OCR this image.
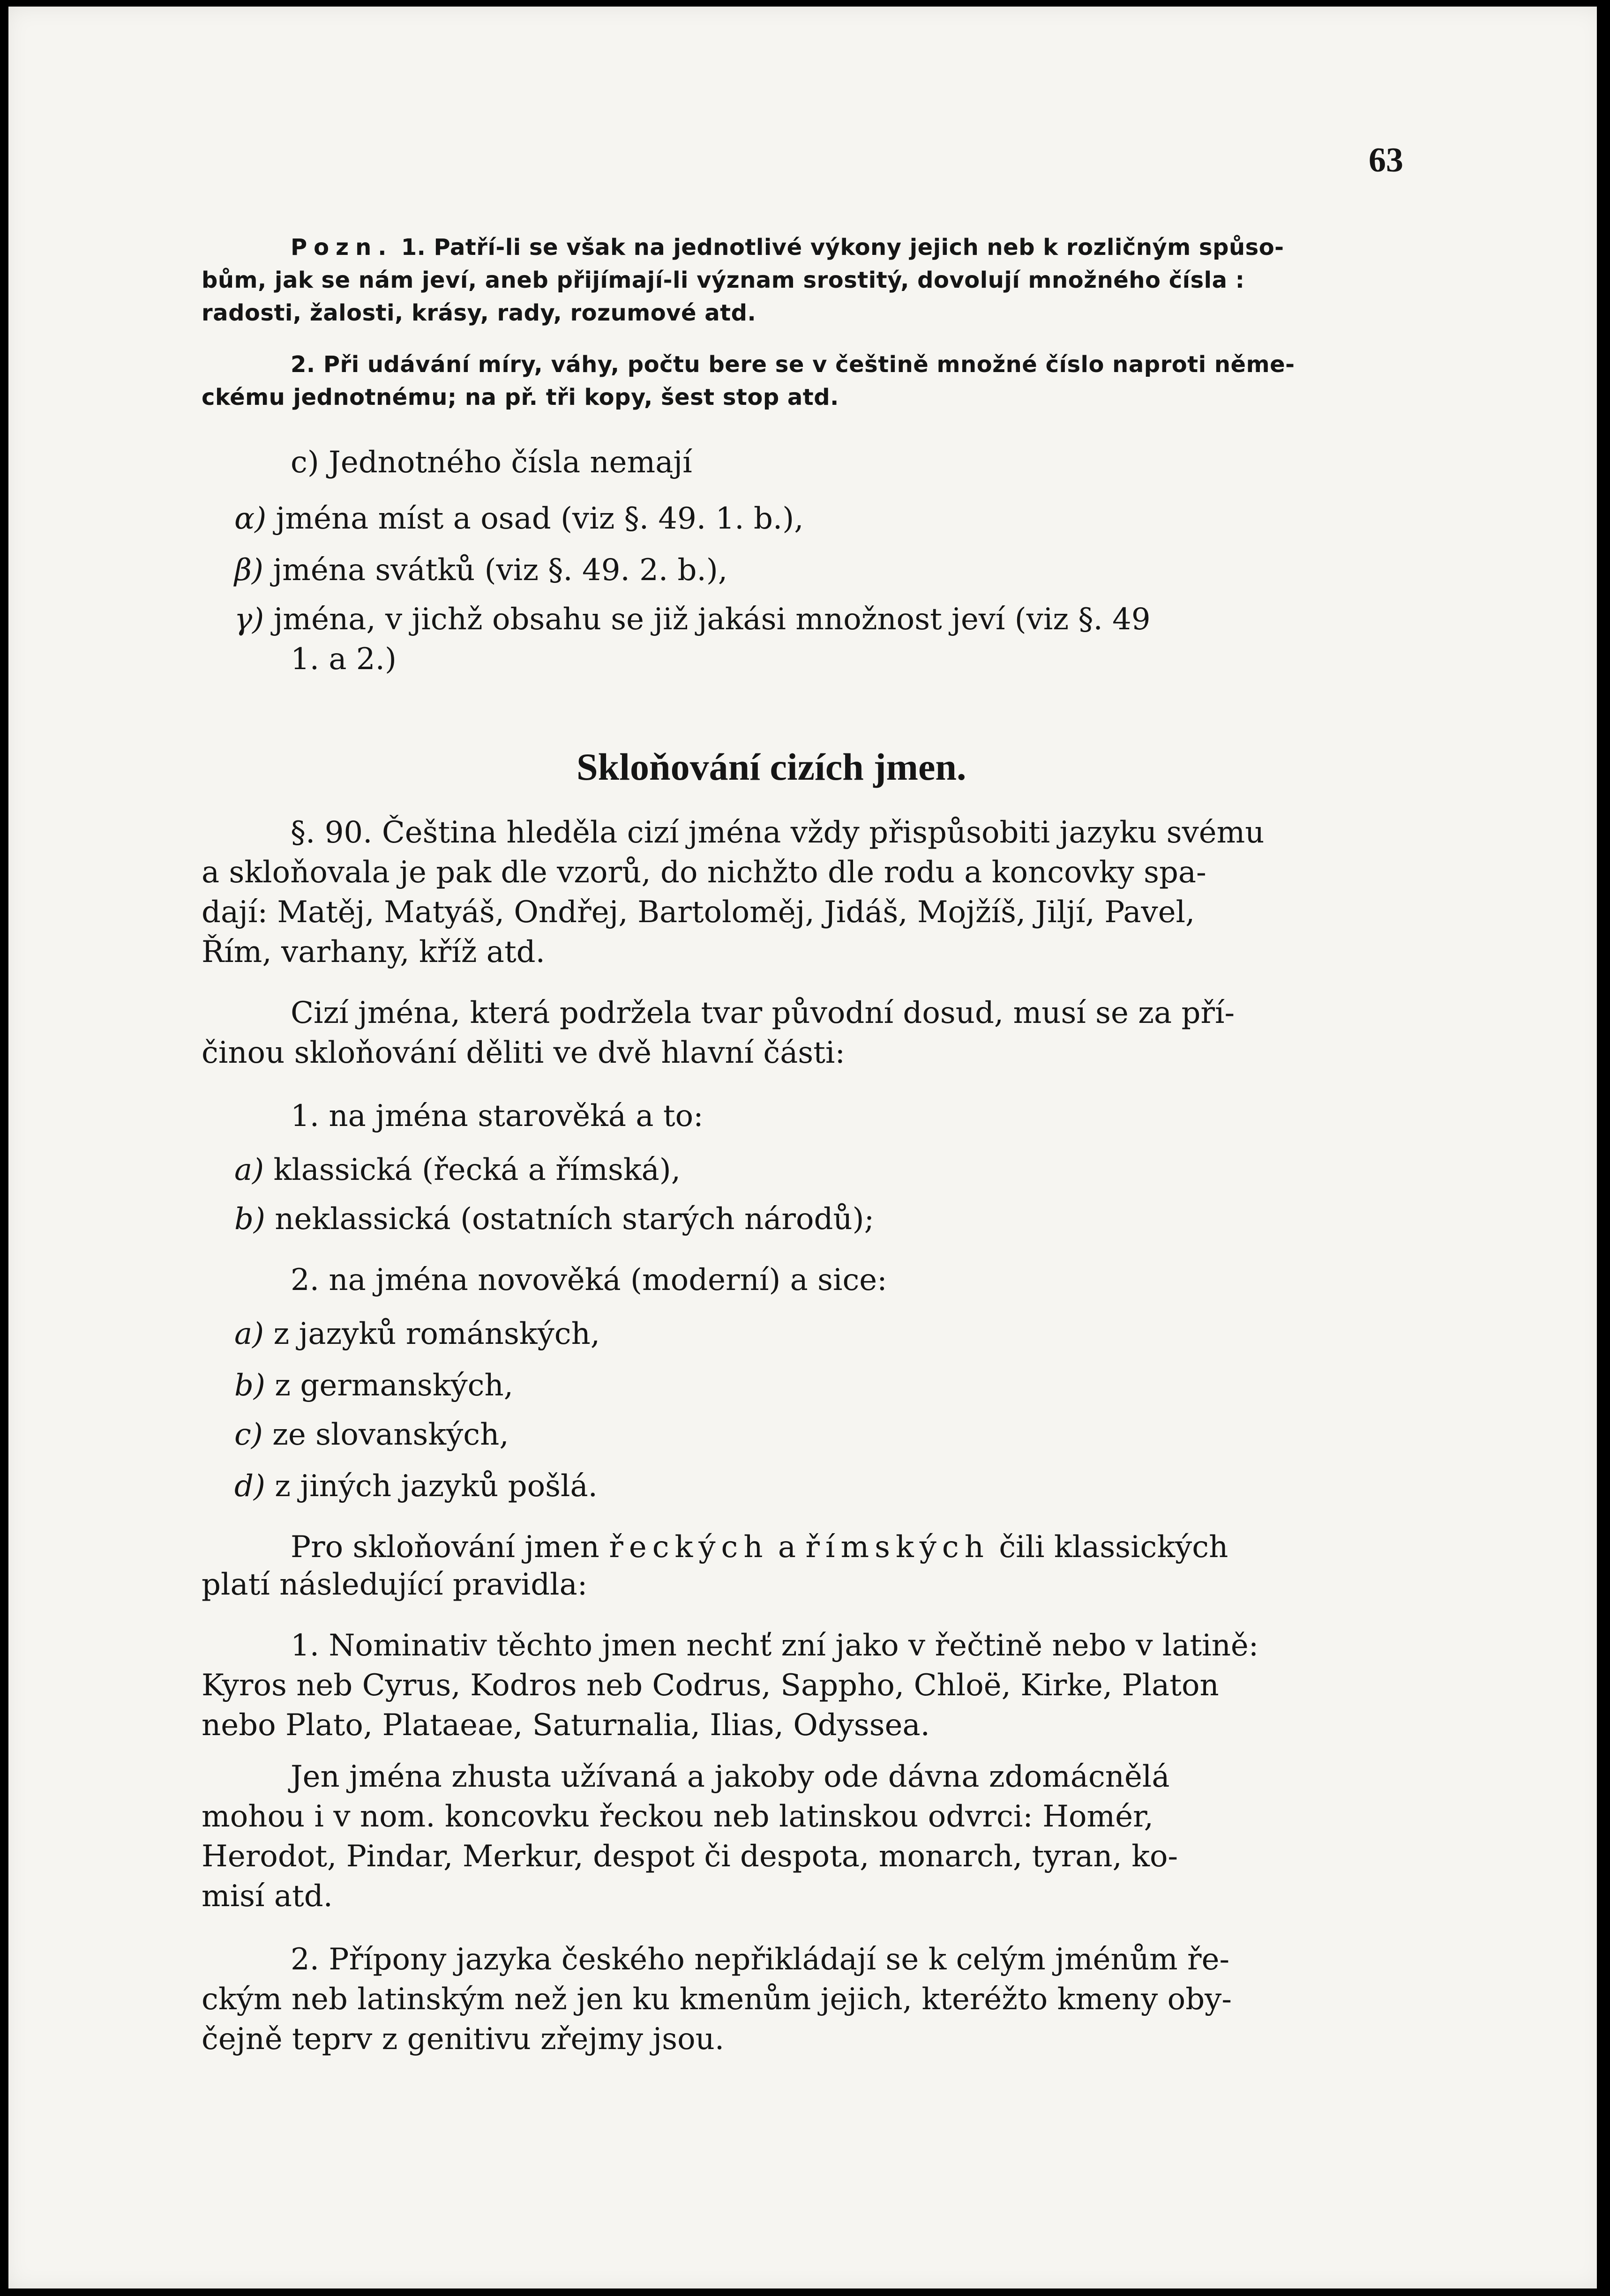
63
Pozn. 1. Patří-li se však na jednotlivé výkony jejich neb k rozličným spůso-
bům, jak se nám jeví, aneb přijímají-li význam srostitý, dovolují množného čísla :
radosti, žalosti, krásy, rady, rozumové atd.
2. Při udávání míry, váhy, počtu bere se v češtině množné číslo naproti něme-
ckému jednotnému; na př. tři kopy, šest stop atd.
c) Jednotného čísla nemají
α) jména míst a osad (viz §. 49. 1. b.),
β) jména svátků (viz §. 49. 2. b.),
γ) jména, v jichž obsahu se již jakási množnost jeví (viz §. 49
1. a 2.)
Skloňování cizích jmen.
§. 90. Čeština hleděla cizí jména vždy přispůsobiti jazyku svému
a skloňovala je pak dle vzorů, do nichžto dle rodu a koncovky spa-
dají: Matěj, Matyáš, Ondřej, Bartoloměj, Jidáš, Mojžíš, Jiljí, Pavel,
Řím, varhany, kříž atd.
Cizí jména, která podržela tvar původní dosud, musí se za pří-
činou skloňování děliti ve dvě hlavní části:
1. na jména starověká a to:
a) klassická (řecká a římská),
b) neklassická (ostatních starých národů);
2. na jména novověká (moderní) a sice:
a) z jazyků románských,
b) z germanských,
c) ze slovanských,
d) z jiných jazyků pošlá.
Pro skloňování jmen řeckých a římských čili klassických
platí následující pravidla:
1. Nominativ těchto jmen nechť zní jako v řečtině nebo v latině:
Kyros neb Cyrus, Kodros neb Codrus, Sappho, Chloë, Kirke, Platon
nebo Plato, Plataeae, Saturnalia, Ilias, Odyssea.
Jen jména zhusta užívaná a jakoby ode dávna zdomácnělá
mohou i v nom. koncovku řeckou neb latinskou odvrci: Homér,
Herodot, Pindar, Merkur, despot či despota, monarch, tyran, ko-
misí atd.
2. Přípony jazyka českého nepřikládají se k celým jménům ře-
ckým neb latinským než jen ku kmenům jejich, kteréžto kmeny oby-
čejně teprv z genitivu zřejmy jsou.
